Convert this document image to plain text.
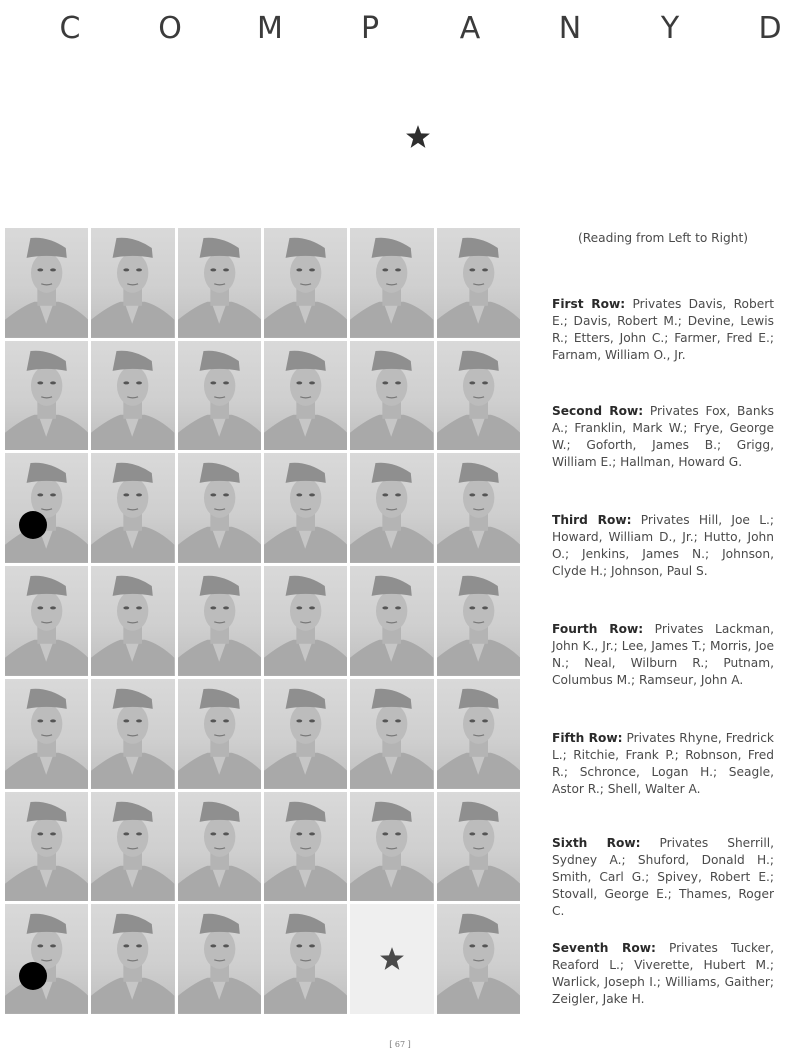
C	O	M	P	A	N	Y	D
(Reading from Left to Right)

First Row: Privates Davis, Robert E.; Davis, Robert M.; Devine, Lewis R.; Etters, John C.; Farmer, Fred E.; Farnam, William O., Jr.

Second Row: Privates Fox, Banks A.; Franklin, Mark W.; Frye, George W.; Goforth, James B.; Grigg, William E.; Hallman, Howard G.

Third Row: Privates Hill, Joe L.; Howard, William D., Jr.; Hutto, John O.; Jenkins, James N.; Johnson, Clyde H.; Johnson, Paul S.

Fourth Row: Privates Lackman, John K., Jr.; Lee, James T.; Morris, Joe N.; Neal, Wilburn R.; Putnam, Columbus M.; Ramseur, John A.

Fifth Row: Privates Rhyne, Fredrick L.; Ritchie, Frank P.; Robnson, Fred R.; Schronce, Logan H.; Seagle, Astor R.; Shell, Walter A.

Sixth Row: Privates Sherrill, Sydney A.; Shuford, Donald H.; Smith, Carl G.; Spivey, Robert E.; Stovall, George E.; Thames, Roger C.

Seventh Row: Privates Tucker, Reaford L.; Viverette, Hubert M.; Warlick, Joseph I.; Williams, Gaither; Zeigler, Jake H.

[ 67 ]
